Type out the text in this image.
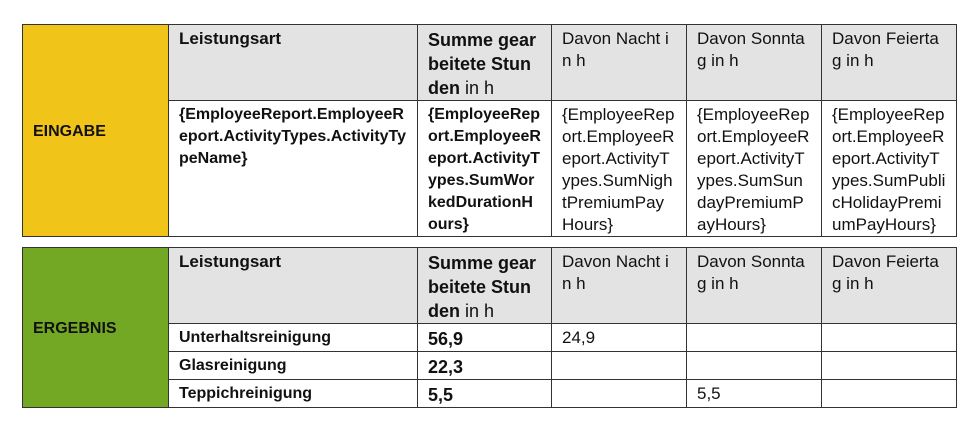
EINGABE	Leistungsart	Summe gearbeitete Stunden in h	Davon Nacht in h	Davon Sonntag in h	Davon Feiertag in h
	{EmployeeReport.EmployeeReport.ActivityTypes.ActivityTypeName}	{EmployeeReport.EmployeeReport.ActivityTypes.SumWorkedDurationHours}	{EmployeeReport.EmployeeReport.ActivityTypes.SumNightPremiumPayHours}	{EmployeeReport.EmployeeReport.ActivityTypes.SumSundayPremiumPayHours}	{EmployeeReport.EmployeeReport.ActivityTypes.SumPublicHolidayPremiumPayHours}
ERGEBNIS	Leistungsart	Summe gearbeitete Stunden in h	Davon Nacht in h	Davon Sonntag in h	Davon Feiertag in h
	Unterhaltsreinigung	56,9	24,9		
	Glasreinigung	22,3			
	Teppichreinigung	5,5		5,5	
